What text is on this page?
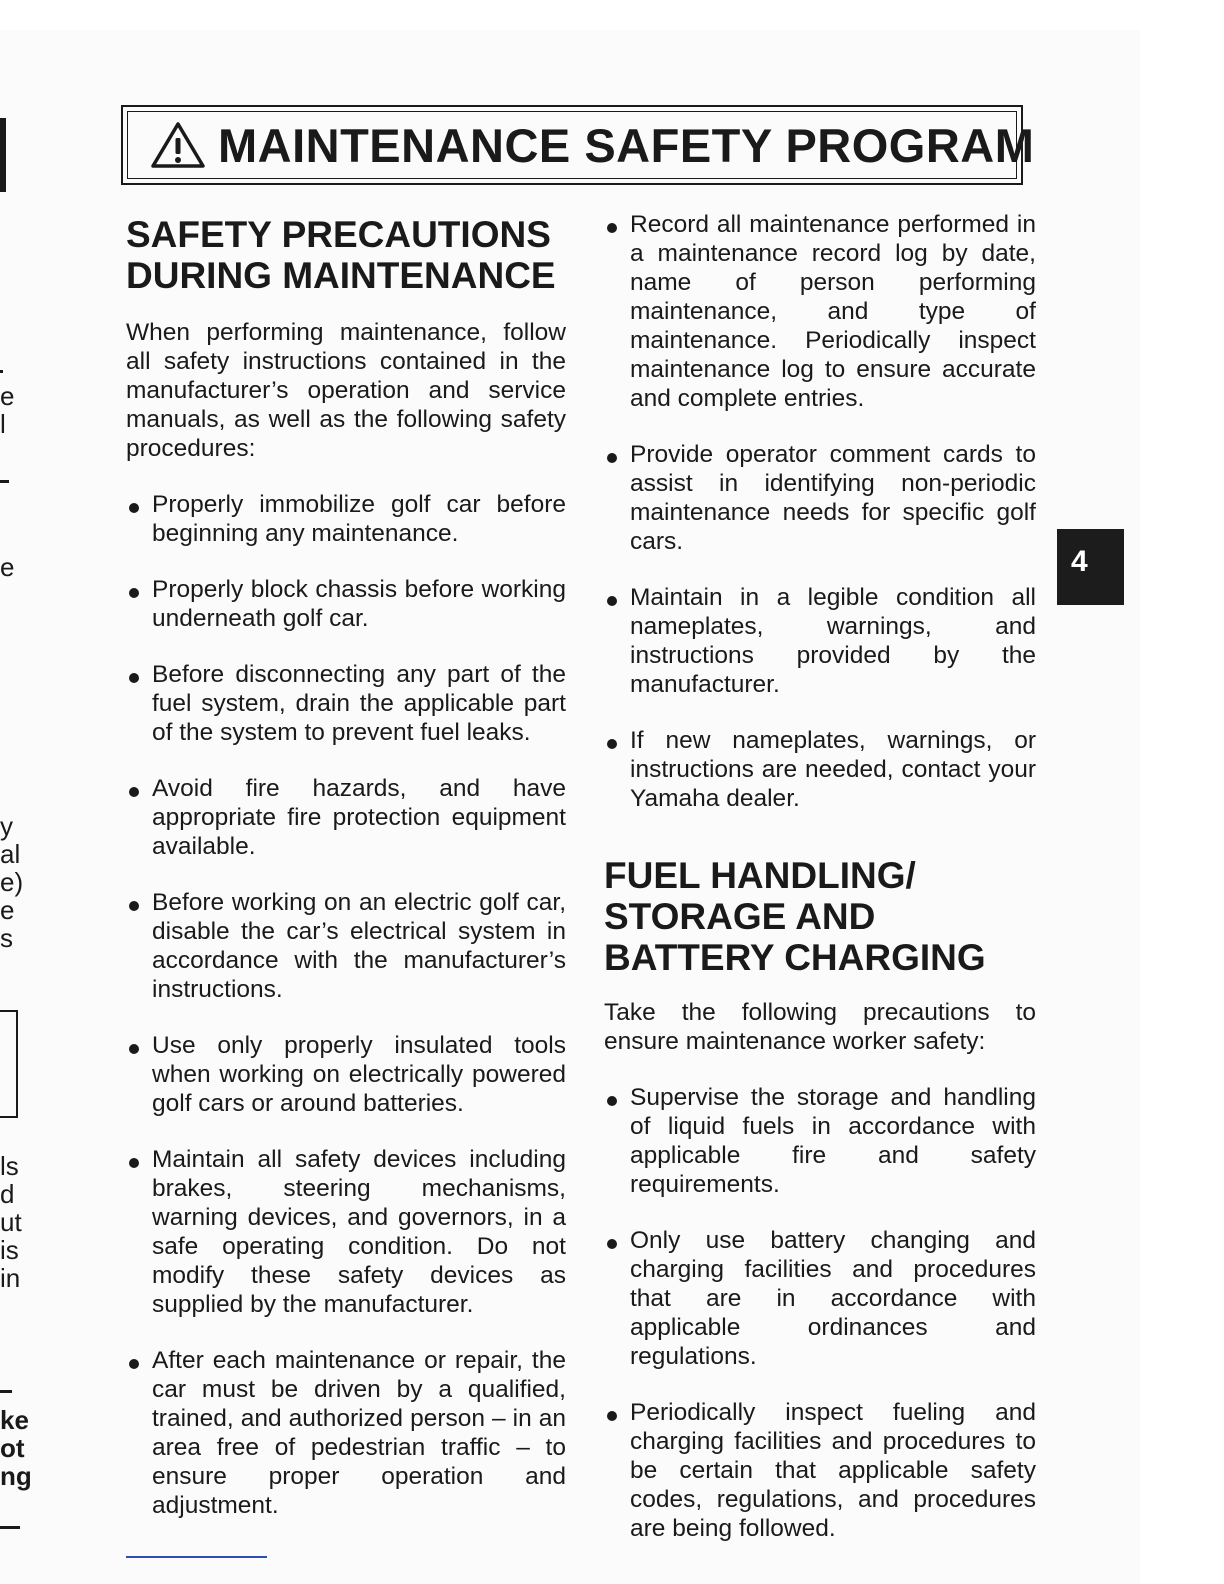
e
l
e
y
al
e)
e
s
ls
d
ut
is
in
ke
ot
ng
MAINTENANCE SAFETY PROGRAM
SAFETY PRECAUTIONS
DURING MAINTENANCE

When performing maintenance, follow all safety instructions contained in the manufacturer’s operation and service manuals, as well as the following safety procedures:

Properly immobilize golf car before beginning any maintenance.
Properly block chassis before working underneath golf car.
Before disconnecting any part of the fuel system, drain the applicable part of the system to prevent fuel leaks.
Avoid fire hazards, and have appropriate fire protection equipment available.
Before working on an electric golf car, disable the car’s electrical system in accordance with the manufacturer’s instructions.
Use only properly insulated tools when working on electrically powered golf cars or around batteries.
Maintain all safety devices including brakes, steering mechanisms, warning devices, and governors, in a safe operating condition. Do not modify these safety devices as supplied by the manufacturer.
After each maintenance or repair, the car must be driven by a qualified, trained, and authorized person – in an area free of pedestrian traffic – to ensure proper operation and adjustment.
Record all maintenance performed in a maintenance record log by date, name of person performing maintenance, and type of maintenance. Periodically inspect maintenance log to ensure accurate and complete entries.
Provide operator comment cards to assist in identifying non-periodic maintenance needs for specific golf cars.
Maintain in a legible condition all nameplates, warnings, and instructions provided by the manufacturer.
If new nameplates, warnings, or instructions are needed, contact your Yamaha dealer.
FUEL HANDLING/
STORAGE AND
BATTERY CHARGING

Take the following precautions to ensure maintenance worker safety:

Supervise the storage and handling of liquid fuels in accordance with applicable fire and safety requirements.
Only use battery changing and charging facilities and procedures that are in accordance with applicable ordinances and regulations.
Periodically inspect fueling and charging facilities and procedures to be certain that applicable safety codes, regulations, and procedures are being followed.
4
